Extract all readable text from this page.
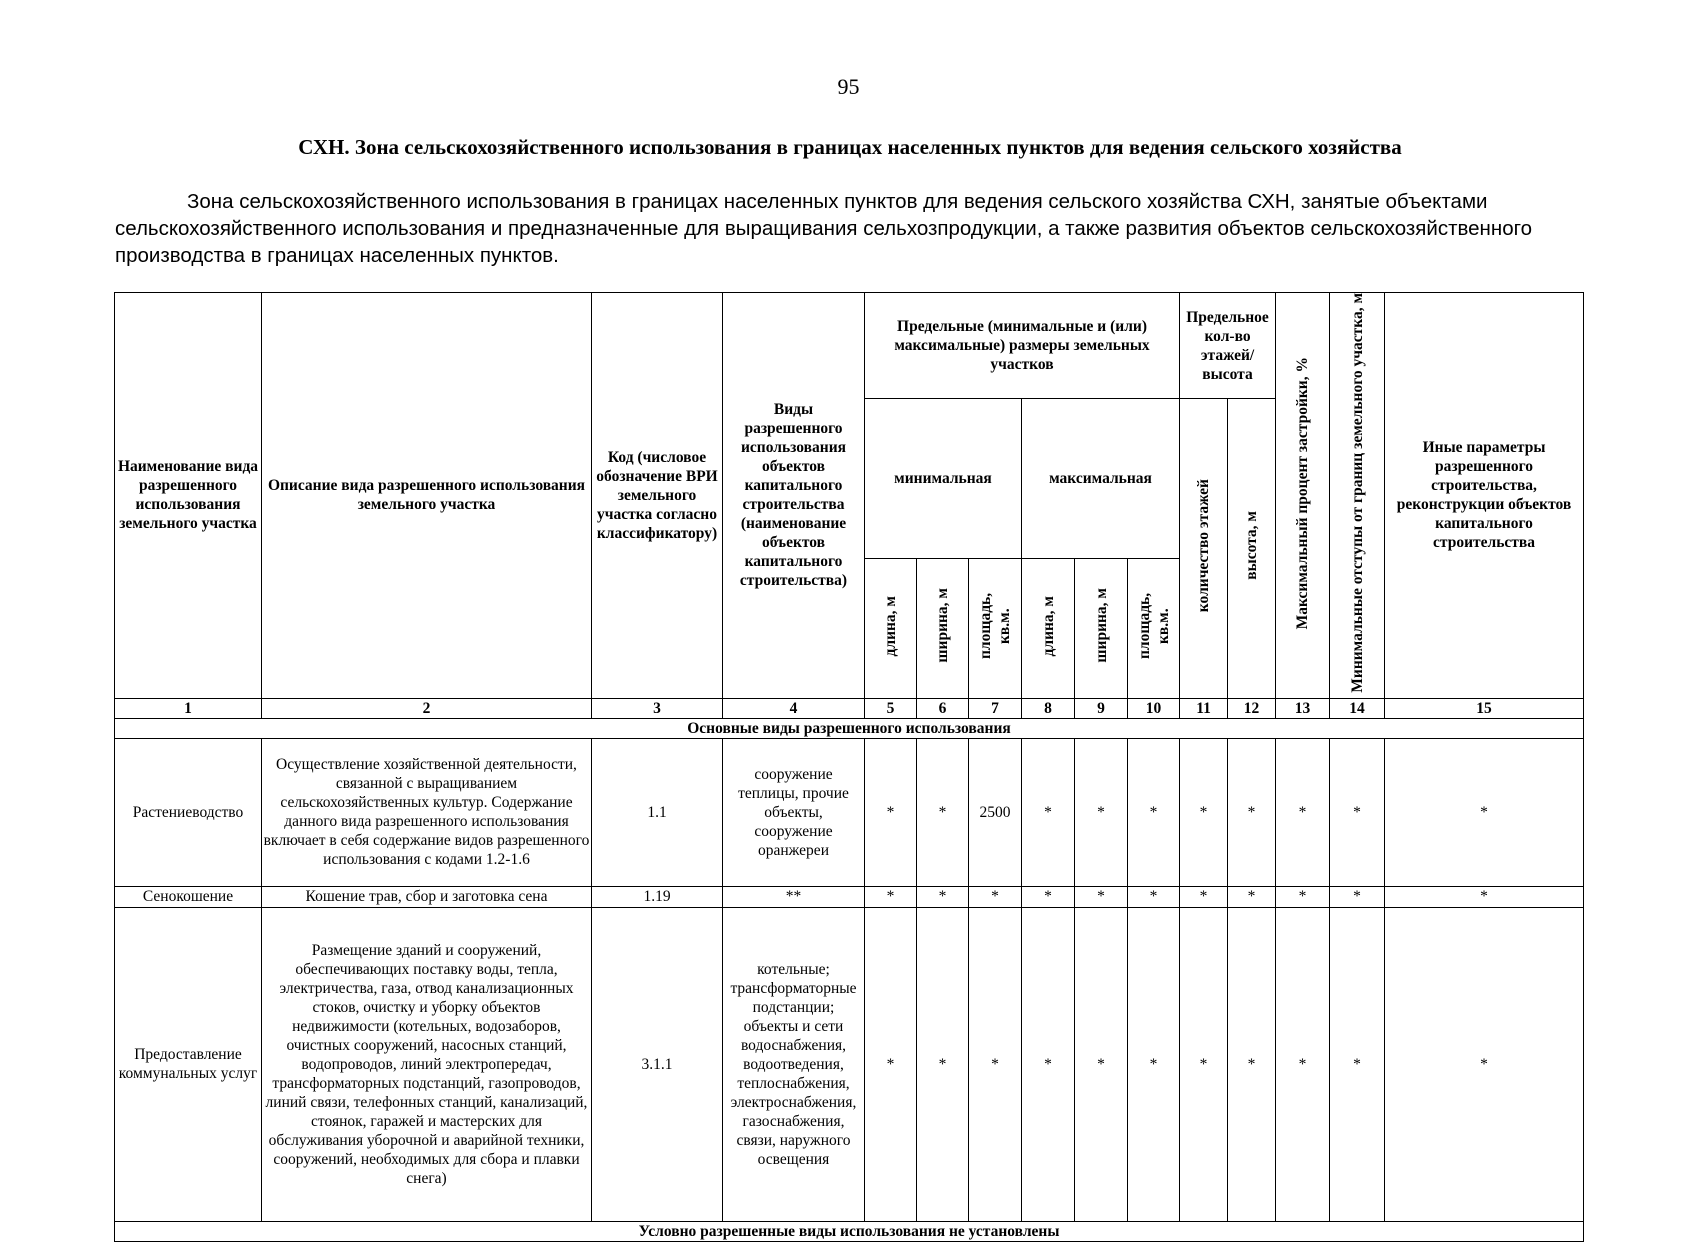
95
СХН. Зона сельскохозяйственного использования в границах населенных пунктов для ведения сельского хозяйства

Зона сельскохозяйственного использования в границах населенных пунктов для ведения сельского хозяйства СХН, занятые объектами сельскохозяйственного использования и предназначенные для выращивания сельхозпродукции, а также развития объектов сельскохозяйственного производства в границах населенных пунктов.

Наименование вида разрешенного использования земельного участка	Описание вида разрешенного использования земельного участка	Код (числовое обозначение ВРИ земельного участка согласно классификатору)	Виды разрешенного использования объектов капитального строительства (наименование объектов капитального строительства)	Предельные (минимальные и (или) максимальные) размеры земельных участков						Предельное кол-во этажей/ высота		Максимальный процент застройки, %	Минимальные отступы от границ земельного участка, м	Иные параметры разрешенного строительства, реконструкции объектов капитального строительства
				минимальная			максимальная			количество этажей	высота, м			
				длина, м	ширина, м	площадь, кв.м.	длина, м	ширина, м	площадь, кв.м.					
1	2	3	4	5	6	7	8	9	10	11	12	13	14	15
Основные виды разрешенного использования														
Растениеводство	Осуществление хозяйственной деятельности, связанной с выращиванием сельскохозяйственных культур. Содержание данного вида разрешенного использования включает в себя содержание видов разрешенного использования с кодами 1.2-1.6	1.1	сооружение теплицы, прочие объекты, сооружение оранжереи	*	*	2500	*	*	*	*	*	*	*	*
Сенокошение	Кошение трав, сбор и заготовка сена	1.19	**	*	*	*	*	*	*	*	*	*	*	*
Предоставление коммунальных услуг	Размещение зданий и сооружений, обеспечивающих поставку воды, тепла, электричества, газа, отвод канализационных стоков, очистку и уборку объектов недвижимости (котельных, водозаборов, очистных сооружений, насосных станций, водопроводов, линий электропередач, трансформаторных подстанций, газопроводов, линий связи, телефонных станций, канализаций, стоянок, гаражей и мастерских для обслуживания уборочной и аварийной техники, сооружений, необходимых для сбора и плавки снега)	3.1.1	котельные; трансформаторные подстанции; объекты и сети водоснабжения, водоотведения, теплоснабжения, электроснабжения, газоснабжения, связи, наружного освещения	*	*	*	*	*	*	*	*	*	*	*
Условно разрешенные виды использования не установлены														
